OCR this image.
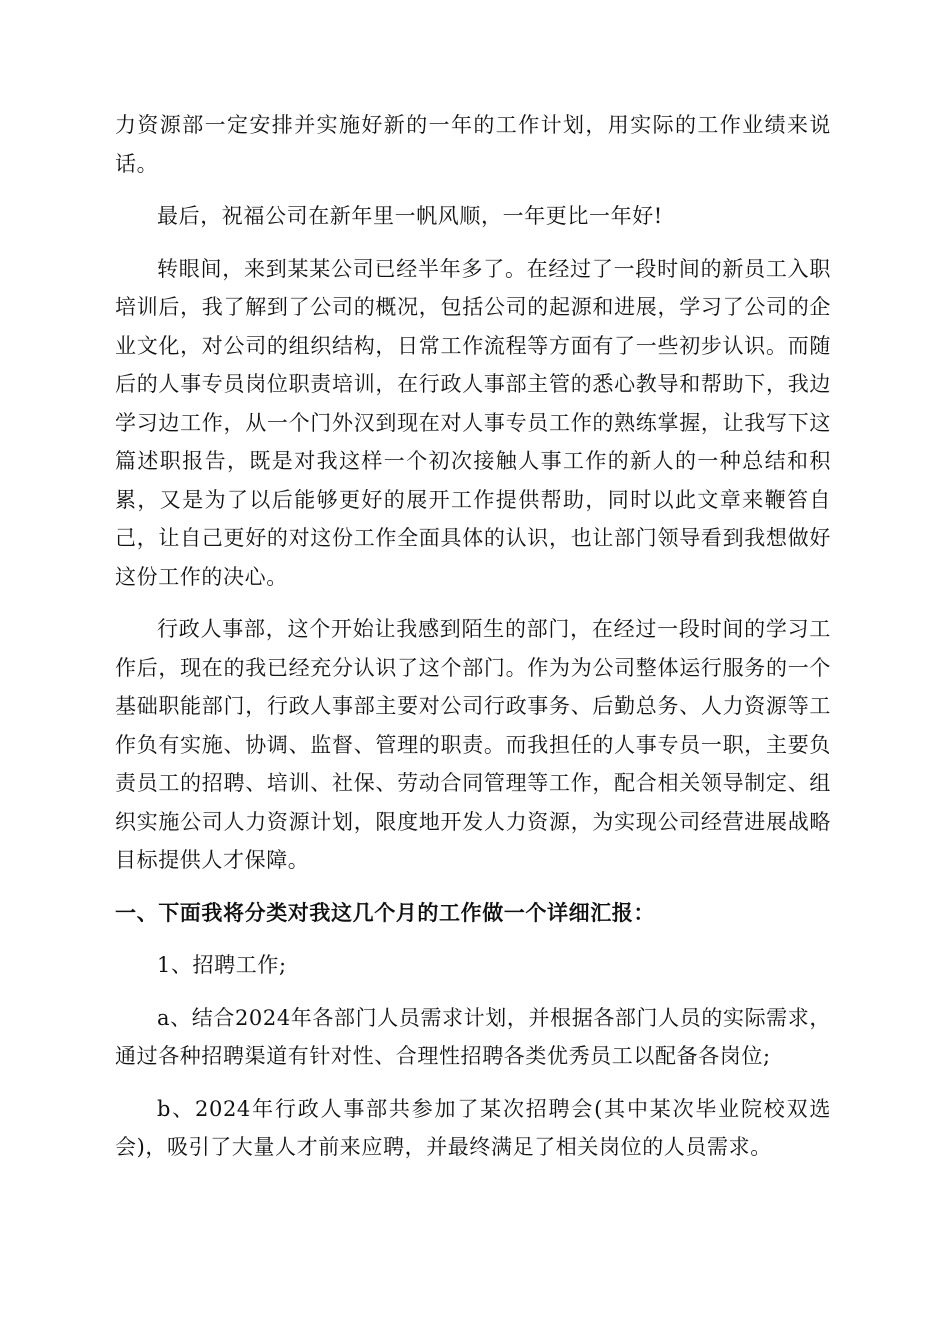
力资源部一定安排并实施好新的一年的工作计划，用实际的工作业绩来说话。

最后，祝福公司在新年里一帆风顺，一年更比一年好!

转眼间，来到某某公司已经半年多了。在经过了一段时间的新员工入职培训后，我了解到了公司的概况，包括公司的起源和进展，学习了公司的企业文化，对公司的组织结构，日常工作流程等方面有了一些初步认识。而随后的人事专员岗位职责培训，在行政人事部主管的悉心教导和帮助下，我边学习边工作，从一个门外汉到现在对人事专员工作的熟练掌握，让我写下这篇述职报告，既是对我这样一个初次接触人事工作的新人的一种总结和积累，又是为了以后能够更好的展开工作提供帮助，同时以此文章来鞭笞自己，让自己更好的对这份工作全面具体的认识，也让部门领导看到我想做好这份工作的决心。

行政人事部，这个开始让我感到陌生的部门，在经过一段时间的学习工作后，现在的我已经充分认识了这个部门。作为为公司整体运行服务的一个基础职能部门，行政人事部主要对公司行政事务、后勤总务、人力资源等工作负有实施、协调、监督、管理的职责。而我担任的人事专员一职，主要负责员工的招聘、培训、社保、劳动合同管理等工作，配合相关领导制定、组织实施公司人力资源计划，限度地开发人力资源，为实现公司经营进展战略目标提供人才保障。

一、下面我将分类对我这几个月的工作做一个详细汇报：

1、招聘工作;

a、结合2024年各部门人员需求计划，并根据各部门人员的实际需求，通过各种招聘渠道有针对性、合理性招聘各类优秀员工以配备各岗位;

b、2024年行政人事部共参加了某次招聘会(其中某次毕业院校双选会)，吸引了大量人才前来应聘，并最终满足了相关岗位的人员需求。
